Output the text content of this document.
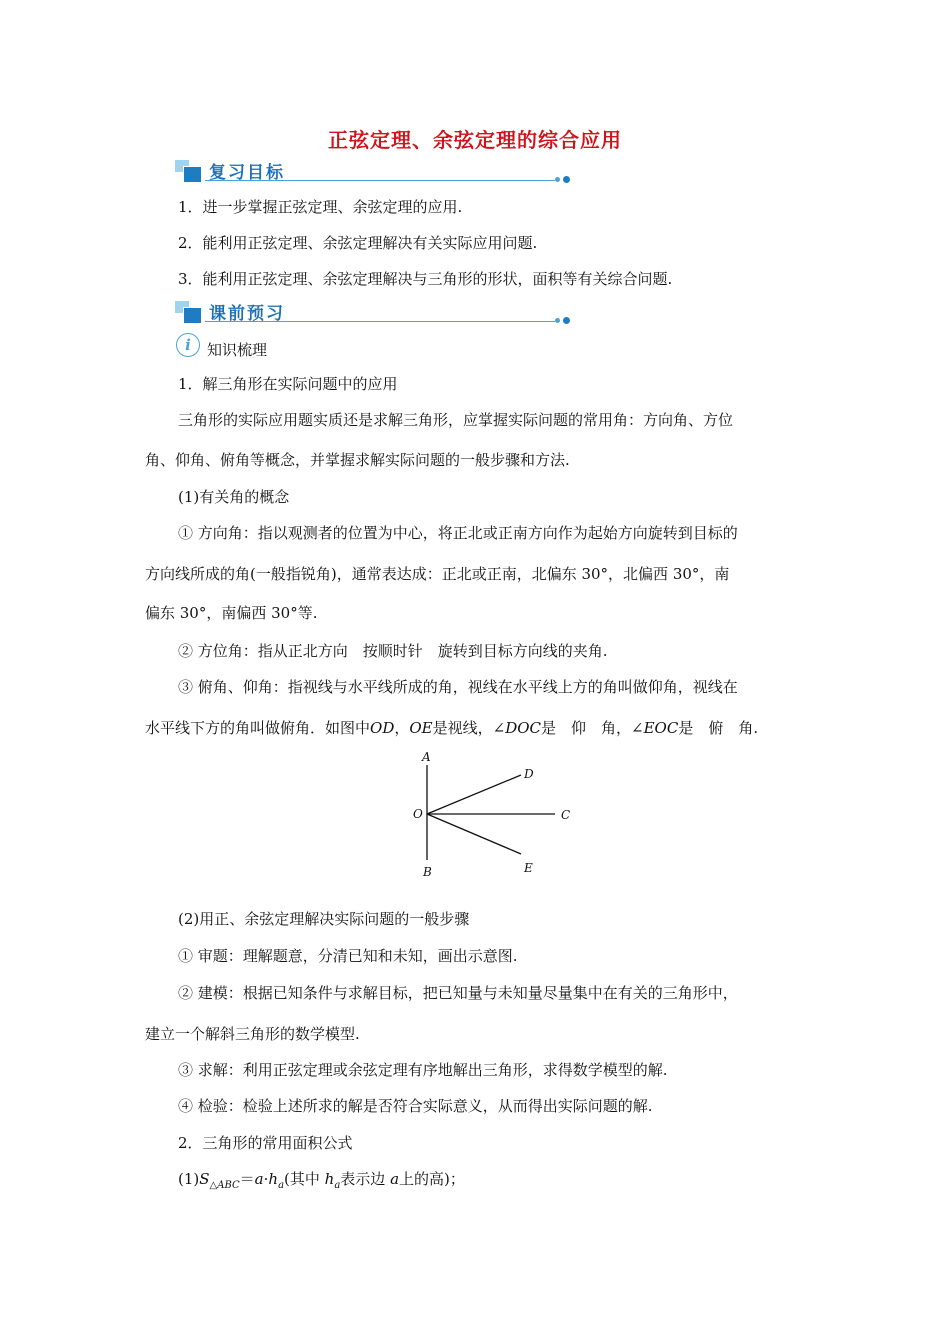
正弦定理、余弦定理的综合应用
复习目标
1．进一步掌握正弦定理、余弦定理的应用.
2．能利用正弦定理、余弦定理解决有关实际应用问题.
3．能利用正弦定理、余弦定理解决与三角形的形状，面积等有关综合问题.
课前预习
i	知识梳理
1．解三角形在实际问题中的应用
三角形的实际应用题实质还是求解三角形，应掌握实际问题的常用角：方向角、方位
角、仰角、俯角等概念，并掌握求解实际问题的一般步骤和方法.
(1)有关角的概念
① 方向角：指以观测者的位置为中心，将正北或正南方向作为起始方向旋转到目标的
方向线所成的角(一般指锐角)，通常表达成：正北或正南，北偏东 30°，北偏西 30°，南
偏东 30°，南偏西 30°等.
② 方位角：指从正北方向　按顺时针　旋转到目标方向线的夹角.
③ 俯角、仰角：指视线与水平线所成的角，视线在水平线上方的角叫做仰角，视线在
水平线下方的角叫做俯角．如图中OD，OE是视线，∠DOC是　仰　角，∠EOC是　俯　角.
A
B
O	C
D
E
(2)用正、余弦定理解决实际问题的一般步骤
① 审题：理解题意，分清已知和未知，画出示意图.
② 建模：根据已知条件与求解目标，把已知量与未知量尽量集中在有关的三角形中，
建立一个解斜三角形的数学模型.
③ 求解：利用正弦定理或余弦定理有序地解出三角形，求得数学模型的解.
④ 检验：检验上述所求的解是否符合实际意义，从而得出实际问题的解.
2．三角形的常用面积公式
$(1)S_{\triangle ABC}=a\cdot h_a$(其中 $h_a$表示边 a上的高)；
